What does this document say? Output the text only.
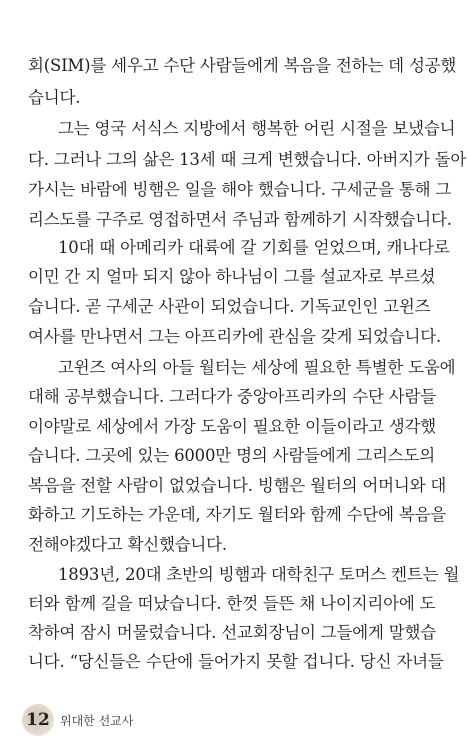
회(SIM)를 세우고 수단 사람들에게 복음을 전하는 데 성공했
습니다.
그는 영국 서식스 지방에서 행복한 어린 시절을 보냈습니
다. 그러나 그의 삶은 13세 때 크게 변했습니다. 아버지가 돌아
가시는 바람에 빙햄은 일을 해야 했습니다. 구세군을 통해 그
리스도를 구주로 영접하면서 주님과 함께하기 시작했습니다.
10대 때 아메리카 대륙에 갈 기회를 얻었으며, 캐나다로
이민 간 지 얼마 되지 않아 하나님이 그를 설교자로 부르셨
습니다. 곧 구세군 사관이 되었습니다. 기독교인인 고윈즈
여사를 만나면서 그는 아프리카에 관심을 갖게 되었습니다.
고윈즈 여사의 아들 월터는 세상에 필요한 특별한 도움에
대해 공부했습니다. 그러다가 중앙아프리카의 수단 사람들
이야말로 세상에서 가장 도움이 필요한 이들이라고 생각했
습니다. 그곳에 있는 6000만 명의 사람들에게 그리스도의
복음을 전할 사람이 없었습니다. 빙햄은 월터의 어머니와 대
화하고 기도하는 가운데, 자기도 월터와 함께 수단에 복음을
전해야겠다고 확신했습니다.
1893년, 20대 초반의 빙햄과 대학친구 토머스 켄트는 월
터와 함께 길을 떠났습니다. 한껏 들뜬 채 나이지리아에 도
착하여 잠시 머물렀습니다. 선교회장님이 그들에게 말했습
니다. “당신들은 수단에 들어가지 못할 겁니다. 당신 자녀들
12 위대한 선교사
